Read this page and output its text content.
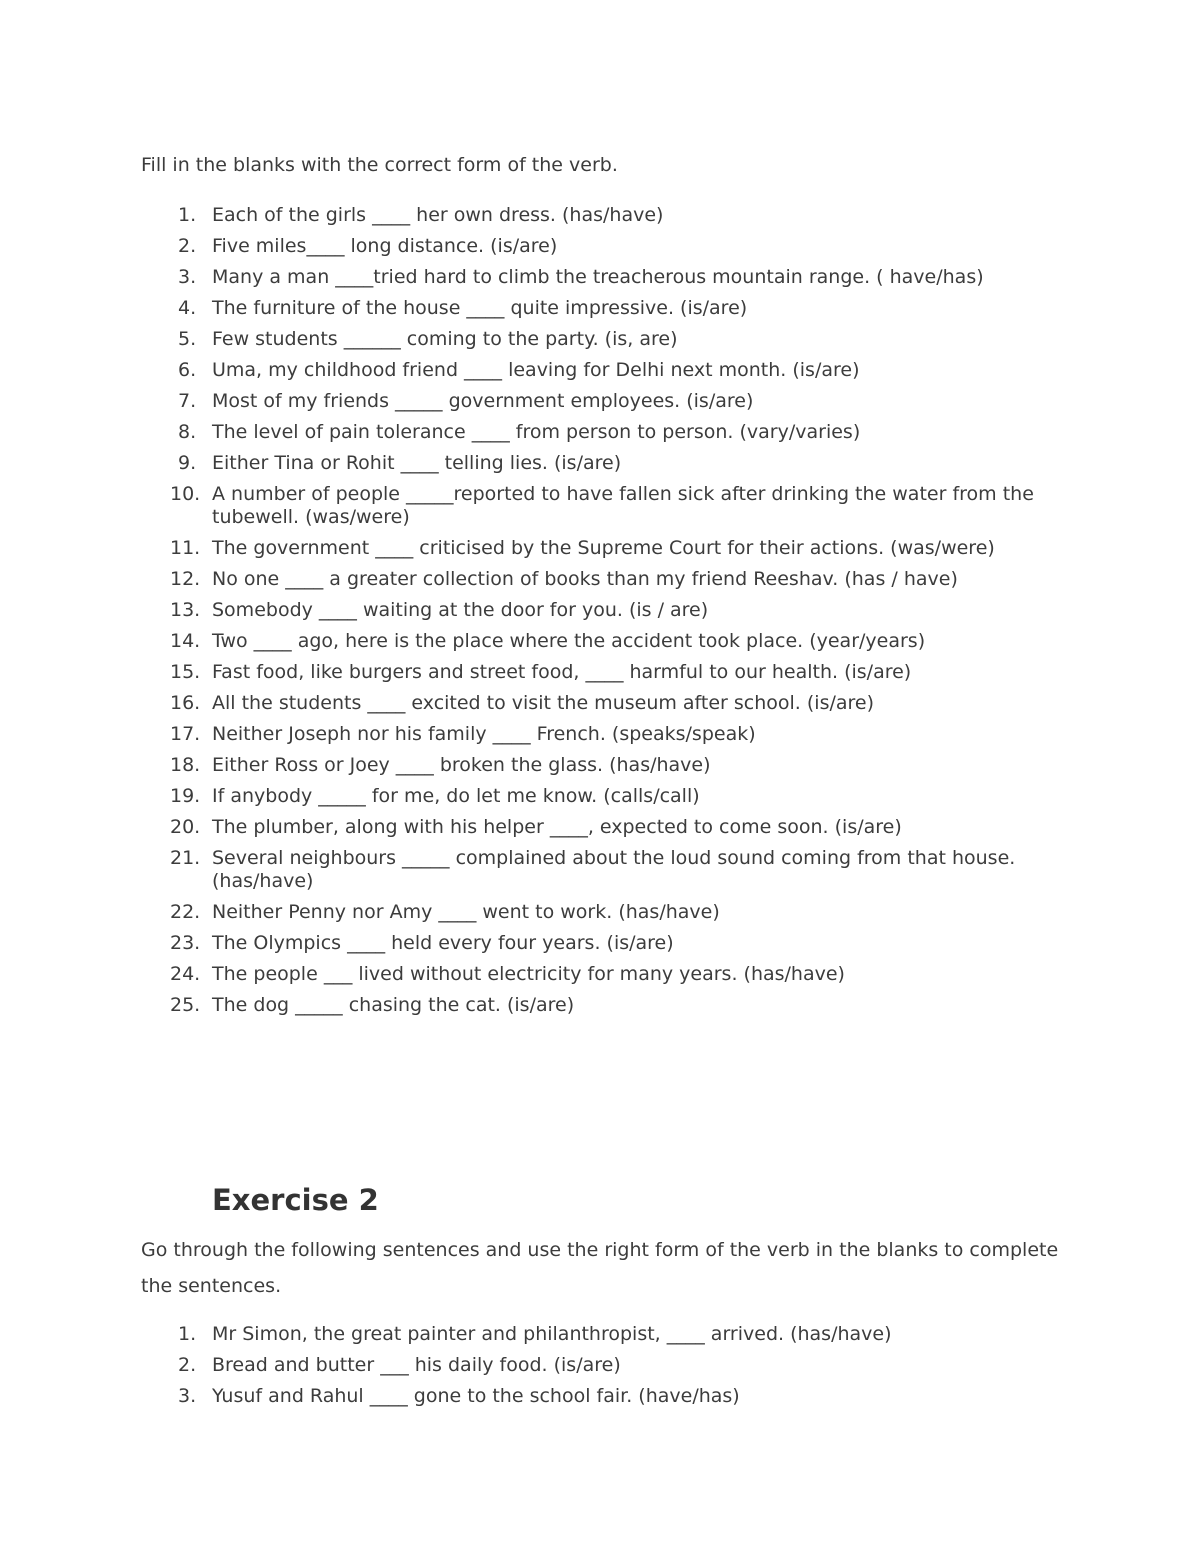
Fill in the blanks with the correct form of the verb.

1. Each of the girls ____ her own dress. (has/have)
2. Five miles____ long distance. (is/are)
3. Many a man ____tried hard to climb the treacherous mountain range. ( have/has)
4. The furniture of the house ____ quite impressive. (is/are)
5. Few students ______ coming to the party. (is, are)
6. Uma, my childhood friend ____ leaving for Delhi next month. (is/are)
7. Most of my friends _____ government employees. (is/are)
8. The level of pain tolerance ____ from person to person. (vary/varies)
9. Either Tina or Rohit ____ telling lies. (is/are)
10. A number of people _____reported to have fallen sick after drinking the water from the tubewell. (was/were)
11. The government ____ criticised by the Supreme Court for their actions. (was/were)
12. No one ____ a greater collection of books than my friend Reeshav. (has / have)
13. Somebody ____ waiting at the door for you. (is / are)
14. Two ____ ago, here is the place where the accident took place. (year/years)
15. Fast food, like burgers and street food, ____ harmful to our health. (is/are)
16. All the students ____ excited to visit the museum after school. (is/are)
17. Neither Joseph nor his family ____ French. (speaks/speak)
18. Either Ross or Joey ____ broken the glass. (has/have)
19. If anybody _____ for me, do let me know. (calls/call)
20. The plumber, along with his helper ____, expected to come soon. (is/are)
21. Several neighbours _____ complained about the loud sound coming from that house. (has/have)
22. Neither Penny nor Amy ____ went to work. (has/have)
23. The Olympics ____ held every four years. (is/are)
24. The people ___ lived without electricity for many years. (has/have)
25. The dog _____ chasing the cat. (is/are)
Exercise 2

Go through the following sentences and use the right form of the verb in the blanks to complete the sentences.

1. Mr Simon, the great painter and philanthropist, ____ arrived. (has/have)
2. Bread and butter ___ his daily food. (is/are)
3. Yusuf and Rahul ____ gone to the school fair. (have/has)
